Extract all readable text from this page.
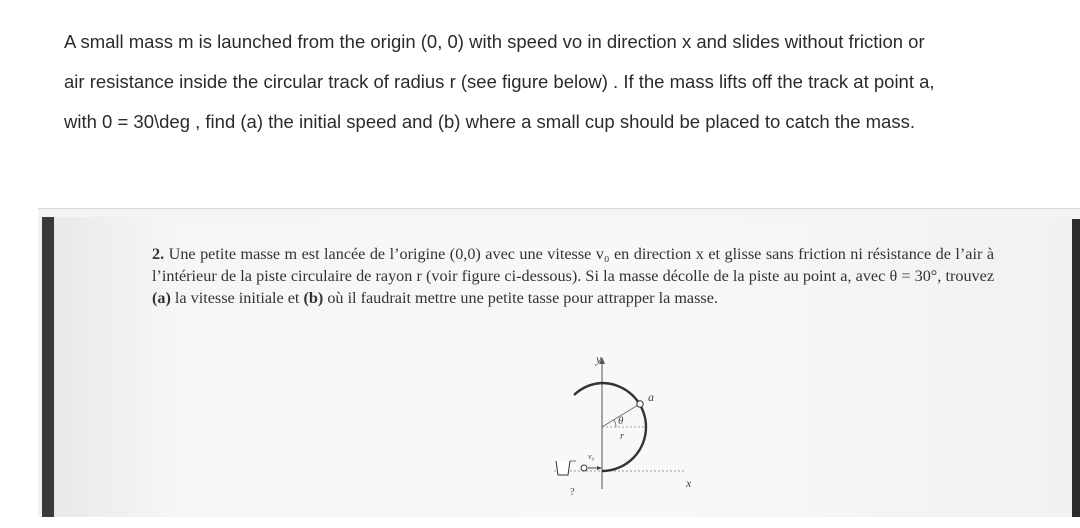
A small mass m is launched from the origin (0, 0) with speed vo in direction x and slides without friction or

air resistance inside the circular track of radius r (see figure below) . If the mass lifts off the track at point a,

with 0 = 30\deg , find (a) the initial speed and (b) where a small cup should be placed to catch the mass.

2. Une petite masse m est lancée de l’origine (0,0) avec une vitesse v₀ en direction x et glisse sans friction ni résistance de l’air à l’intérieur de la piste circulaire de rayon r (voir figure ci-dessous). Si la masse décolle de la piste au point a, avec θ = 30°, trouvez (a) la vitesse initiale et (b) où il faudrait mettre une petite tasse pour attrapper la masse.

y
x
θ
r
a
v₀
?
